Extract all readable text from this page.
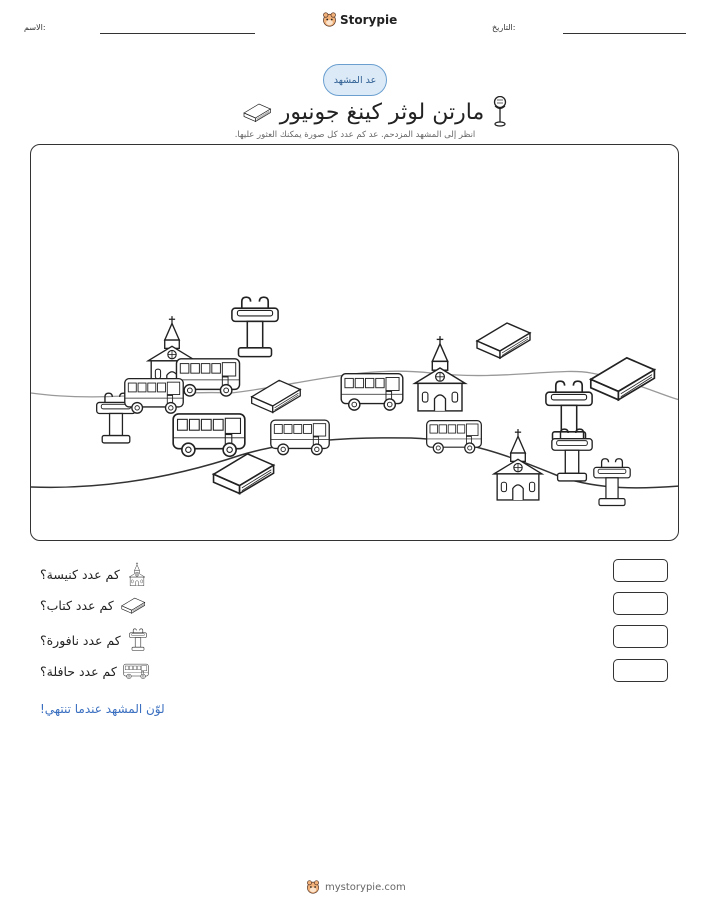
الاسم:
Storypie
التاريخ:
عد المشهد
مارتن لوثر كينغ جونيور
انظر إلى المشهد المزدحم. عد كم عدد كل صورة يمكنك العثور عليها.
كم عدد كنيسة؟
كم عدد كتاب؟
كم عدد نافورة؟
كم عدد حافلة؟
لوّن المشهد عندما تنتهي!
mystorypie.com
